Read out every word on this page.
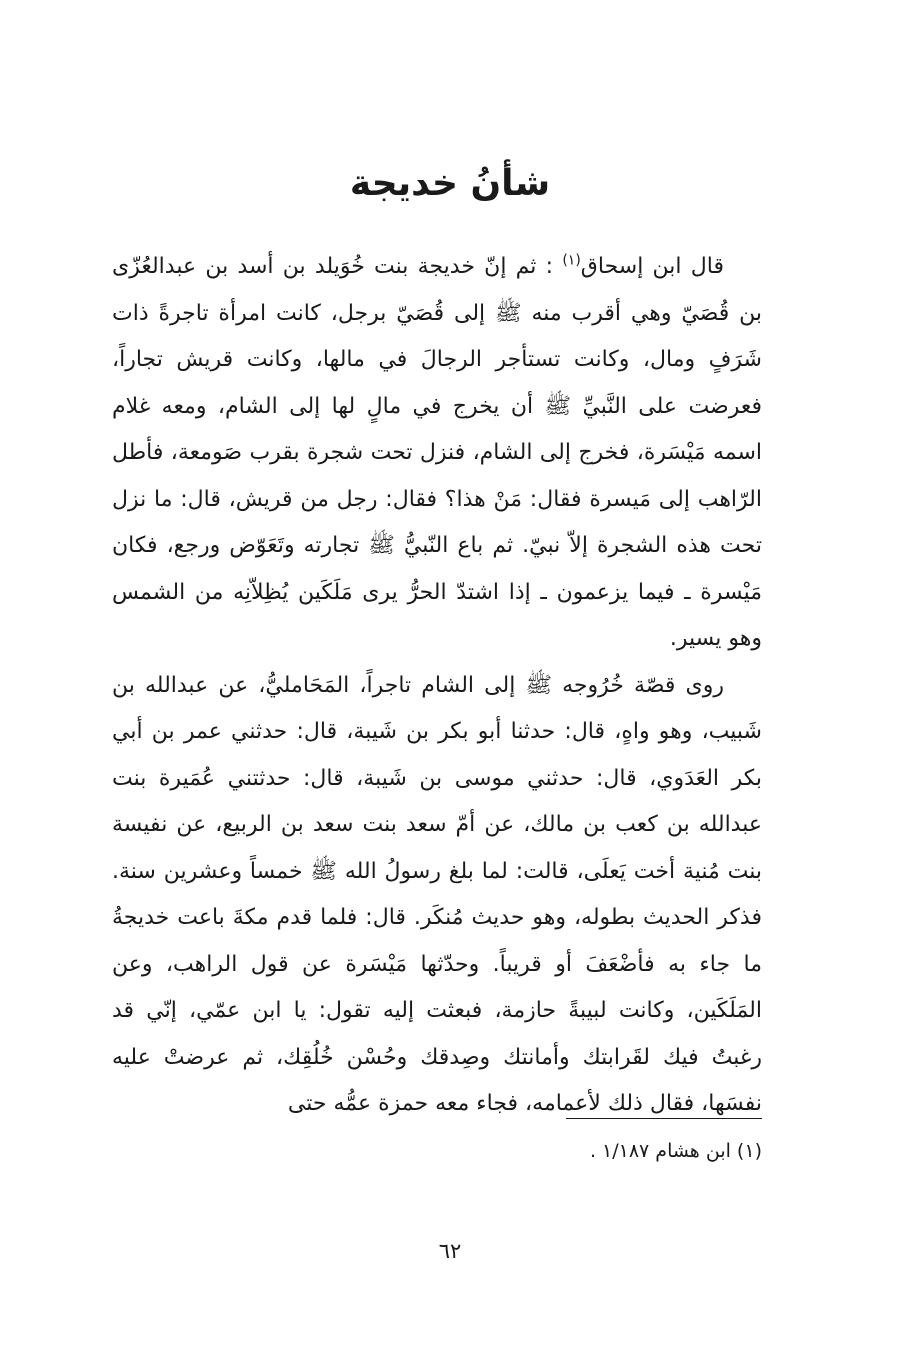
شأنُ خديجة

قال ابن إسحاق$^{(١)}$ : ثم إنّ خديجة بنت خُوَيلد بن أسد بن عبدالعُزّى بن قُصَيّ وهي أقرب منه ﷺ إلى قُصَيّ برجل، كانت امرأة تاجرةً ذات شَرَفٍ ومال، وكانت تستأجر الرجالَ في مالها، وكانت قريش تجاراً، فعرضت على النَّبيِّ ﷺ أن يخرج في مالٍ لها إلى الشام، ومعه غلام اسمه مَيْسَرة، فخرج إلى الشام، فنزل تحت شجرة بقرب صَومعة، فأطل الرّاهب إلى مَيسرة فقال: مَنْ هذا؟ فقال: رجل من قريش، قال: ما نزل تحت هذه الشجرة إلاّ نبيّ. ثم باع النّبيُّ ﷺ تجارته وتَعَوّض ورجع، فكان مَيْسرة ـ فيما يزعمون ـ إذا اشتدّ الحرُّ يرى مَلَكَين يُظِلاّنِه من الشمس وهو يسير.

روى قصّة خُرُوجه ﷺ إلى الشام تاجراً، المَحَامليُّ، عن عبدالله بن شَبيب، وهو واهٍ، قال: حدثنا أبو بكر بن شَيبة، قال: حدثني عمر بن أبي بكر العَدَوي، قال: حدثني موسى بن شَيبة، قال: حدثتني عُمَيرة بنت عبدالله بن كعب بن مالك، عن أمّ سعد بنت سعد بن الربيع، عن نفيسة بنت مُنية أخت يَعلَى، قالت: لما بلغ رسولُ الله ﷺ خمساً وعشرين سنة. فذكر الحديث بطوله، وهو حديث مُنكَر. قال: فلما قدم مكةَ باعت خديجةُ ما جاء به فأضْعَفَ أو قريباً. وحدّثها مَيْسَرة عن قول الراهب، وعن المَلَكَين، وكانت لبيبةً حازمة، فبعثت إليه تقول: يا ابن عمّي، إنّي قد رغبتُ فيك لقَرابتك وأمانتك وصِدقك وحُسْن خُلُقِك، ثم عرضتْ عليه نفسَها، فقال ذلك لأعمامه، فجاء معه حمزة عمُّه حتى

(١) ابن هشام ١/١٨٧ .
٦٢
